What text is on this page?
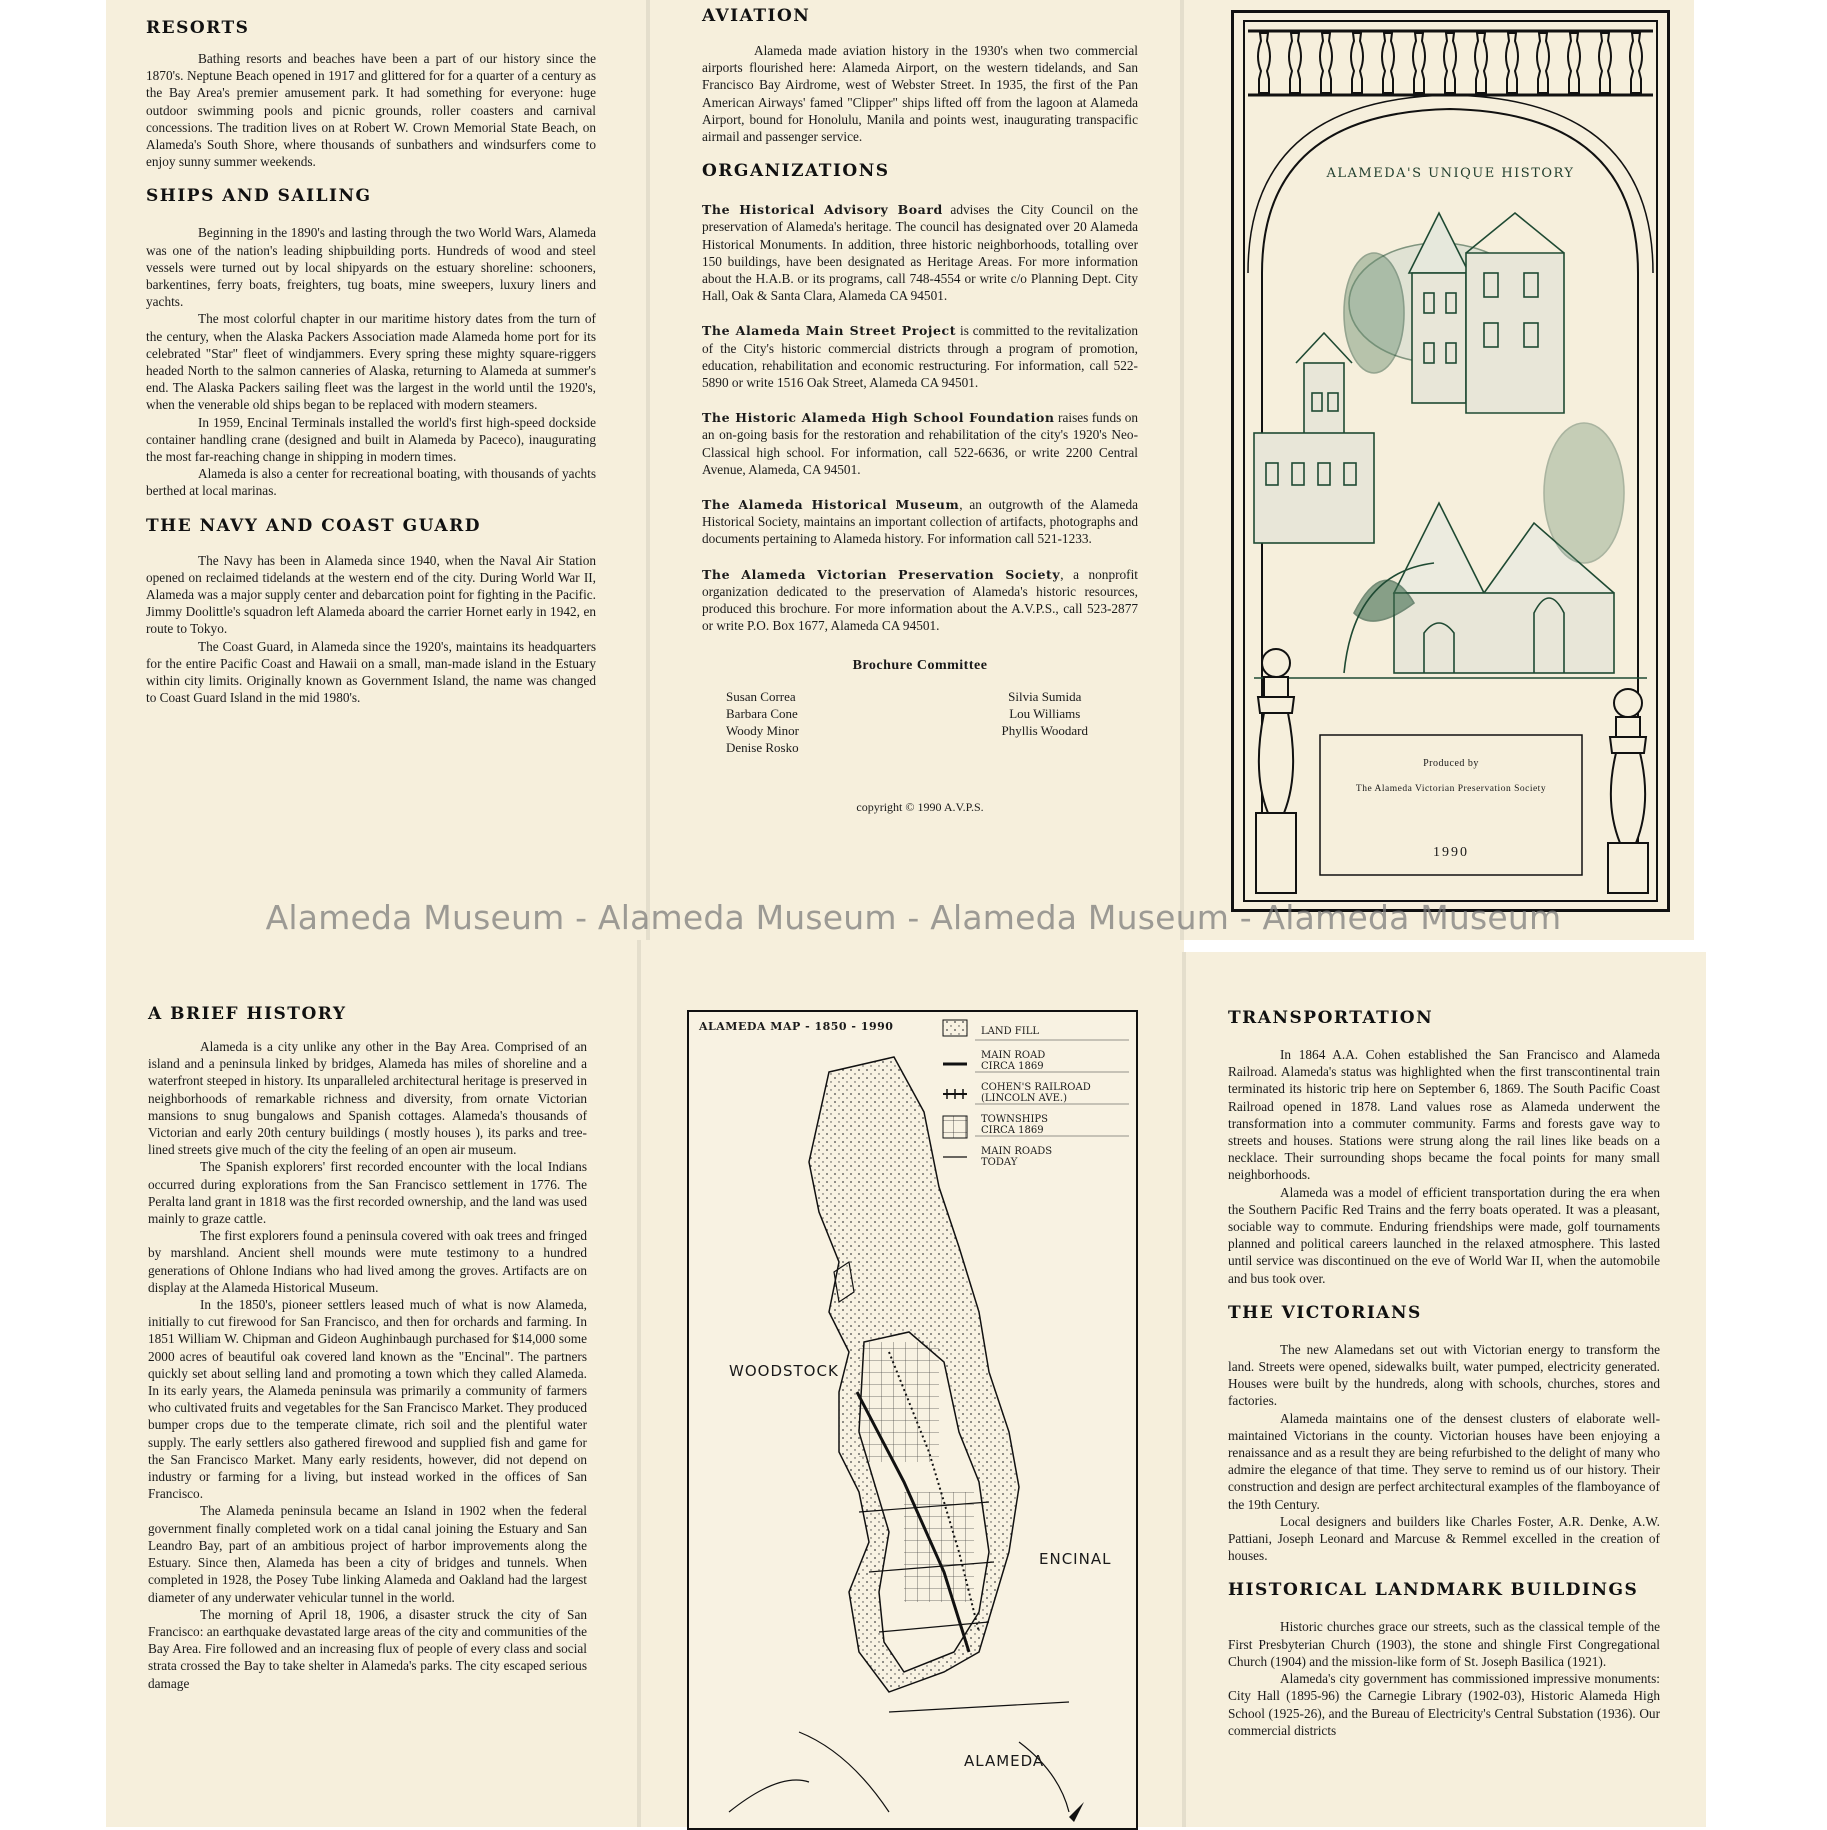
RESORTS

Bathing resorts and beaches have been a part of our history since the 1870's. Neptune Beach opened in 1917 and glittered for for a quarter of a century as the Bay Area's premier amusement park. It had something for everyone: huge outdoor swimming pools and picnic grounds, roller coasters and carnival concessions. The tradition lives on at Robert W. Crown Memorial State Beach, on Alameda's South Shore, where thousands of sunbathers and windsurfers come to enjoy sunny summer weekends.

SHIPS AND SAILING

Beginning in the 1890's and lasting through the two World Wars, Alameda was one of the nation's leading shipbuilding ports. Hundreds of wood and steel vessels were turned out by local shipyards on the estuary shoreline: schooners, barkentines, ferry boats, freighters, tug boats, mine sweepers, luxury liners and yachts.

The most colorful chapter in our maritime history dates from the turn of the century, when the Alaska Packers Association made Alameda home port for its celebrated "Star" fleet of windjammers. Every spring these mighty square-riggers headed North to the salmon canneries of Alaska, returning to Alameda at summer's end. The Alaska Packers sailing fleet was the largest in the world until the 1920's, when the venerable old ships began to be replaced with modern steamers.

In 1959, Encinal Terminals installed the world's first high-speed dockside container handling crane (designed and built in Alameda by Paceco), inaugurating the most far-reaching change in shipping in modern times.

Alameda is also a center for recreational boating, with thousands of yachts berthed at local marinas.

THE NAVY AND COAST GUARD

The Navy has been in Alameda since 1940, when the Naval Air Station opened on reclaimed tidelands at the western end of the city. During World War II, Alameda was a major supply center and debarcation point for fighting in the Pacific. Jimmy Doolittle's squadron left Alameda aboard the carrier Hornet early in 1942, en route to Tokyo.

The Coast Guard, in Alameda since the 1920's, maintains its headquarters for the entire Pacific Coast and Hawaii on a small, man-made island in the Estuary within city limits. Originally known as Government Island, the name was changed to Coast Guard Island in the mid 1980's.

AVIATION

Alameda made aviation history in the 1930's when two commercial airports flourished here: Alameda Airport, on the western tidelands, and San Francisco Bay Airdrome, west of Webster Street. In 1935, the first of the Pan American Airways' famed "Clipper" ships lifted off from the lagoon at Alameda Airport, bound for Honolulu, Manila and points west, inaugurating transpacific airmail and passenger service.

ORGANIZATIONS

The Historical Advisory Board advises the City Council on the preservation of Alameda's heritage. The council has designated over 20 Alameda Historical Monuments. In addition, three historic neighborhoods, totalling over 150 buildings, have been designated as Heritage Areas. For more information about the H.A.B. or its programs, call 748-4554 or write c/o Planning Dept. City Hall, Oak & Santa Clara, Alameda CA 94501.

The Alameda Main Street Project is committed to the revitalization of the City's historic commercial districts through a program of promotion, education, rehabilitation and economic restructuring. For information, call 522-5890 or write 1516 Oak Street, Alameda CA 94501.

The Historic Alameda High School Foundation raises funds on an on-going basis for the restoration and rehabilitation of the city's 1920's Neo-Classical high school. For information, call 522-6636, or write 2200 Central Avenue, Alameda, CA 94501.

The Alameda Historical Museum, an outgrowth of the Alameda Historical Society, maintains an important collection of artifacts, photographs and documents pertaining to Alameda history. For information call 521-1233.

The Alameda Victorian Preservation Society, a nonprofit organization dedicated to the preservation of Alameda's historic resources, produced this brochure. For more information about the A.V.P.S., call 523-2877 or write P.O. Box 1677, Alameda CA 94501.

Brochure Committee
Susan Correa
Barbara Cone
Woody Minor
Denise Rosko
Silvia Sumida
Lou Williams
Phyllis Woodard
copyright © 1990 A.V.P.S.
ALAMEDA'S UNIQUE HISTORY
Produced by
The Alameda Victorian Preservation Society
1990
A BRIEF HISTORY

Alameda is a city unlike any other in the Bay Area. Comprised of an island and a peninsula linked by bridges, Alameda has miles of shoreline and a waterfront steeped in history. Its unparalleled architectural heritage is preserved in neighborhoods of remarkable richness and diversity, from ornate Victorian mansions to snug bungalows and Spanish cottages. Alameda's thousands of Victorian and early 20th century buildings ( mostly houses ), its parks and tree-lined streets give much of the city the feeling of an open air museum.

The Spanish explorers' first recorded encounter with the local Indians occurred during explorations from the San Francisco settlement in 1776. The Peralta land grant in 1818 was the first recorded ownership, and the land was used mainly to graze cattle.

The first explorers found a peninsula covered with oak trees and fringed by marshland. Ancient shell mounds were mute testimony to a hundred generations of Ohlone Indians who had lived among the groves. Artifacts are on display at the Alameda Historical Museum.

In the 1850's, pioneer settlers leased much of what is now Alameda, initially to cut firewood for San Francisco, and then for orchards and farming. In 1851 William W. Chipman and Gideon Aughinbaugh purchased for $14,000 some 2000 acres of beautiful oak covered land known as the "Encinal". The partners quickly set about selling land and promoting a town which they called Alameda. In its early years, the Alameda peninsula was primarily a community of farmers who cultivated fruits and vegetables for the San Francisco Market. They produced bumper crops due to the temperate climate, rich soil and the plentiful water supply. The early settlers also gathered firewood and supplied fish and game for the San Francisco Market. Many early residents, however, did not depend on industry or farming for a living, but instead worked in the offices of San Francisco.

The Alameda peninsula became an Island in 1902 when the federal government finally completed work on a tidal canal joining the Estuary and San Leandro Bay, part of an ambitious project of harbor improvements along the Estuary. Since then, Alameda has been a city of bridges and tunnels. When completed in 1928, the Posey Tube linking Alameda and Oakland had the largest diameter of any underwater vehicular tunnel in the world.

The morning of April 18, 1906, a disaster struck the city of San Francisco: an earthquake devastated large areas of the city and communities of the Bay Area. Fire followed and an increasing flux of people of every class and social strata crossed the Bay to take shelter in Alameda's parks. The city escaped serious damage

ALAMEDA MAP - 1850 - 1990	LAND FILL
MAIN ROAD CIRCA 1869
COHEN'S RAILROAD (LINCOLN AVE.)
TOWNSHIPS CIRCA 1869
MAIN ROADS TODAY
WOODSTOCK
ENCINAL
ALAMEDA
TRANSPORTATION

In 1864 A.A. Cohen established the San Francisco and Alameda Railroad. Alameda's status was highlighted when the first transcontinental train terminated its historic trip here on September 6, 1869. The South Pacific Coast Railroad opened in 1878. Land values rose as Alameda underwent the transformation into a commuter community. Farms and forests gave way to streets and houses. Stations were strung along the rail lines like beads on a necklace. Their surrounding shops became the focal points for many small neighborhoods.

Alameda was a model of efficient transportation during the era when the Southern Pacific Red Trains and the ferry boats operated. It was a pleasant, sociable way to commute. Enduring friendships were made, golf tournaments planned and political careers launched in the relaxed atmosphere. This lasted until service was discontinued on the eve of World War II, when the automobile and bus took over.

THE VICTORIANS

The new Alamedans set out with Victorian energy to transform the land. Streets were opened, sidewalks built, water pumped, electricity generated. Houses were built by the hundreds, along with schools, churches, stores and factories.

Alameda maintains one of the densest clusters of elaborate well-maintained Victorians in the county. Victorian houses have been enjoying a renaissance and as a result they are being refurbished to the delight of many who admire the elegance of that time. They serve to remind us of our history. Their construction and design are perfect architectural examples of the flamboyance of the 19th Century.

Local designers and builders like Charles Foster, A.R. Denke, A.W. Pattiani, Joseph Leonard and Marcuse & Remmel excelled in the creation of houses.

HISTORICAL LANDMARK BUILDINGS

Historic churches grace our streets, such as the classical temple of the First Presbyterian Church (1903), the stone and shingle First Congregational Church (1904) and the mission-like form of St. Joseph Basilica (1921).

Alameda's city government has commissioned impressive monuments: City Hall (1895-96) the Carnegie Library (1902-03), Historic Alameda High School (1925-26), and the Bureau of Electricity's Central Substation (1936). Our commercial districts

Alameda Museum - Alameda Museum - Alameda Museum - Alameda Museum
